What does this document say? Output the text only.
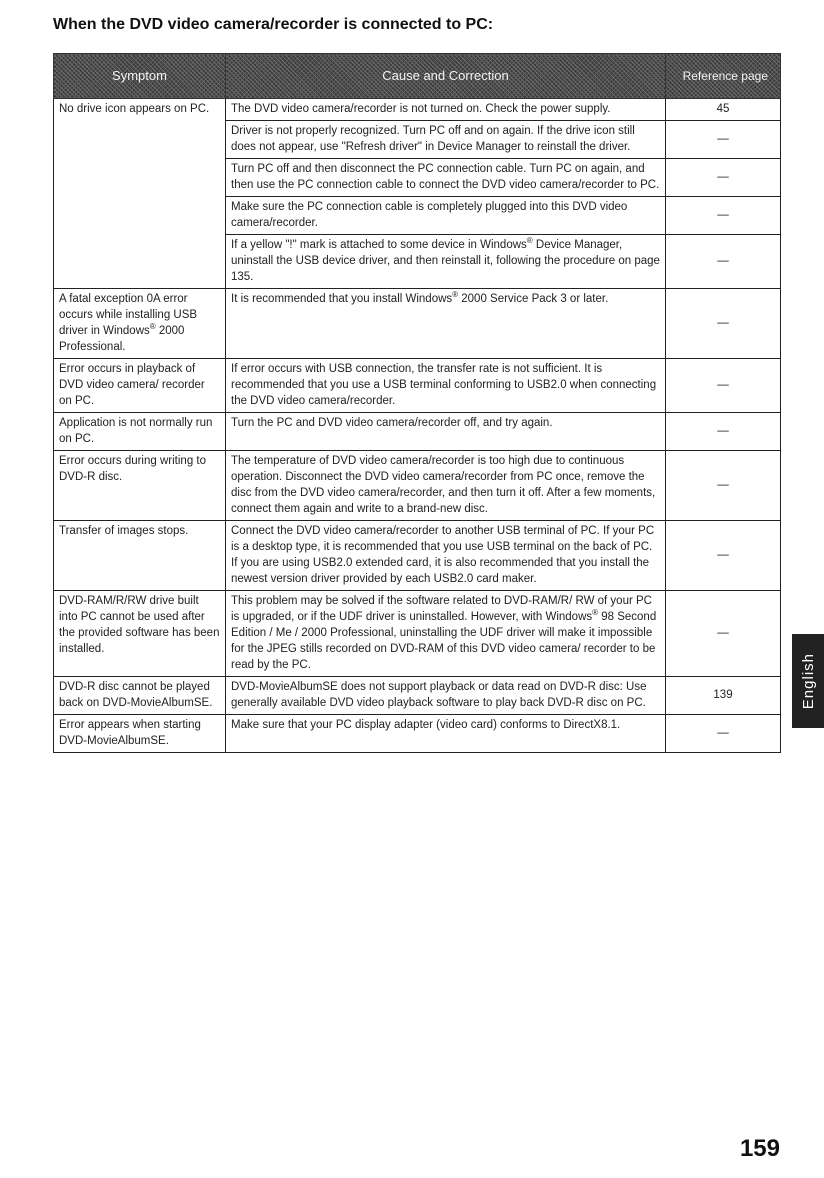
When the DVD video camera/recorder is connected to PC:
Symptom	Cause and Correction	Reference page

No drive icon appears on PC.	The DVD video camera/recorder is not turned on. Check the power supply.	45
	Driver is not properly recognized. Turn PC off and on again. If the drive icon still does not appear, use "Refresh driver" in Device Manager to reinstall the driver.	—
	Turn PC off and then disconnect the PC connection cable. Turn PC on again, and then use the PC connection cable to connect the DVD video camera/recorder to PC.	—
	Make sure the PC connection cable is completely plugged into this DVD video camera/recorder.	—
	If a yellow "!" mark is attached to some device in Windows® Device Manager, uninstall the USB device driver, and then reinstall it, following the procedure on page 135.	—
A fatal exception 0A error occurs while installing USB driver in Windows® 2000 Professional.	It is recommended that you install Windows® 2000 Service Pack 3 or later.	—
Error occurs in playback of DVD video camera/ recorder on PC.	If error occurs with USB connection, the transfer rate is not sufficient. It is recommended that you use a USB terminal conforming to USB2.0 when connecting the DVD video camera/recorder.	—
Application is not normally run on PC.	Turn the PC and DVD video camera/recorder off, and try again.	—
Error occurs during writing to DVD-R disc.	The temperature of DVD video camera/recorder is too high due to continuous operation. Disconnect the DVD video camera/recorder from PC once, remove the disc from the DVD video camera/recorder, and then turn it off. After a few moments, connect them again and write to a brand-new disc.	—
Transfer of images stops.	Connect the DVD video camera/recorder to another USB terminal of PC. If your PC is a desktop type, it is recommended that you use USB terminal on the back of PC. If you are using USB2.0 extended card, it is also recommended that you install the newest version driver provided by each USB2.0 card maker.	—
DVD-RAM/R/RW drive built into PC cannot be used after the provided software has been installed.	This problem may be solved if the software related to DVD-RAM/R/ RW of your PC is upgraded, or if the UDF driver is uninstalled. However, with Windows® 98 Second Edition / Me / 2000 Professional, uninstalling the UDF driver will make it impossible for the JPEG stills recorded on DVD-RAM of this DVD video camera/ recorder to be read by the PC.	—
DVD-R disc cannot be played back on DVD-MovieAlbumSE.	DVD-MovieAlbumSE does not support playback or data read on DVD-R disc: Use generally available DVD video playback software to play back DVD-R disc on PC.	139
Error appears when starting DVD-MovieAlbumSE.	Make sure that your PC display adapter (video card) conforms to DirectX8.1.	—
English
159
